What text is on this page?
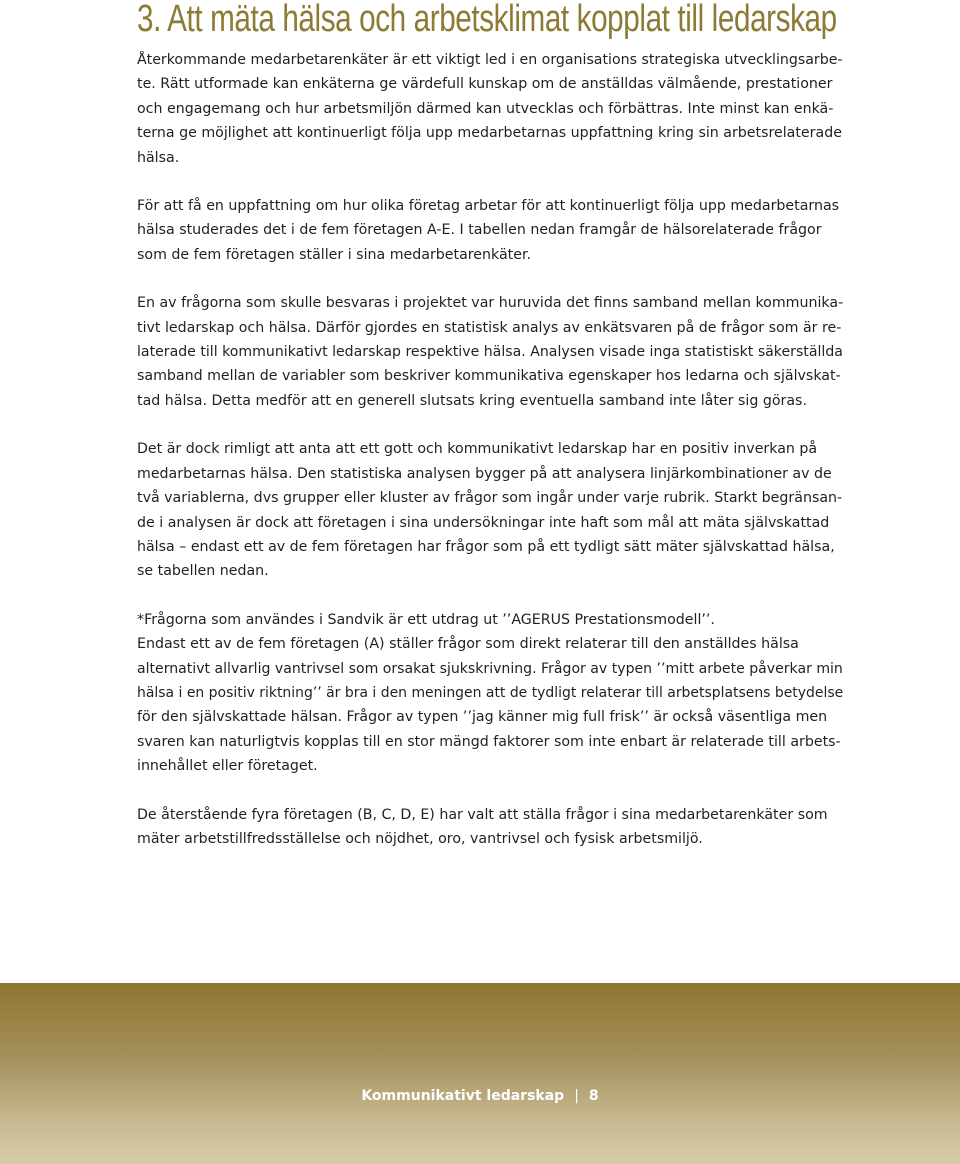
3. Att mäta hälsa och arbetsklimat kopplat till ledarskap

Återkommande medarbetarenkäter är ett viktigt led i en organisations strategiska utvecklingsarbe-
te. Rätt utformade kan enkäterna ge värdefull kunskap om de anställdas välmående, prestationer
och engagemang och hur arbetsmiljön därmed kan utvecklas och förbättras. Inte minst kan enkä-
terna ge möjlighet att kontinuerligt följa upp medarbetarnas uppfattning kring sin arbetsrelaterade
hälsa.

För att få en uppfattning om hur olika företag arbetar för att kontinuerligt följa upp medarbetarnas
hälsa studerades det i de fem företagen A-E. I tabellen nedan framgår de hälsorelaterade frågor
som de fem företagen ställer i sina medarbetarenkäter.

En av frågorna som skulle besvaras i projektet var huruvida det finns samband mellan kommunika-
tivt ledarskap och hälsa. Därför gjordes en statistisk analys av enkätsvaren på de frågor som är re-
laterade till kommunikativt ledarskap respektive hälsa. Analysen visade inga statistiskt säkerställda
samband mellan de variabler som beskriver kommunikativa egenskaper hos ledarna och självskat-
tad hälsa. Detta medför att en generell slutsats kring eventuella samband inte låter sig göras.

Det är dock rimligt att anta att ett gott och kommunikativt ledarskap har en positiv inverkan på
medarbetarnas hälsa. Den statistiska analysen bygger på att analysera linjärkombinationer av de
två variablerna, dvs grupper eller kluster av frågor som ingår under varje rubrik. Starkt begränsan-
de i analysen är dock att företagen i sina undersökningar inte haft som mål att mäta självskattad
hälsa – endast ett av de fem företagen har frågor som på ett tydligt sätt mäter självskattad hälsa,
se tabellen nedan.

*Frågorna som användes i Sandvik är ett utdrag ut ’’AGERUS Prestationsmodell’’.
Endast ett av de fem företagen (A) ställer frågor som direkt relaterar till den anställdes hälsa
alternativt allvarlig vantrivsel som orsakat sjukskrivning. Frågor av typen ’’mitt arbete påverkar min
hälsa i en positiv riktning’’ är bra i den meningen att de tydligt relaterar till arbetsplatsens betydelse
för den självskattade hälsan. Frågor av typen ’’jag känner mig full frisk’’ är också väsentliga men
svaren kan naturligtvis kopplas till en stor mängd faktorer som inte enbart är relaterade till arbets-
innehållet eller företaget.

De återstående fyra företagen (B, C, D, E) har valt att ställa frågor i sina medarbetarenkäter som
mäter arbetstillfredsställelse och nöjdhet, oro, vantrivsel och fysisk arbetsmiljö.

Kommunikativt ledarskap | 8
